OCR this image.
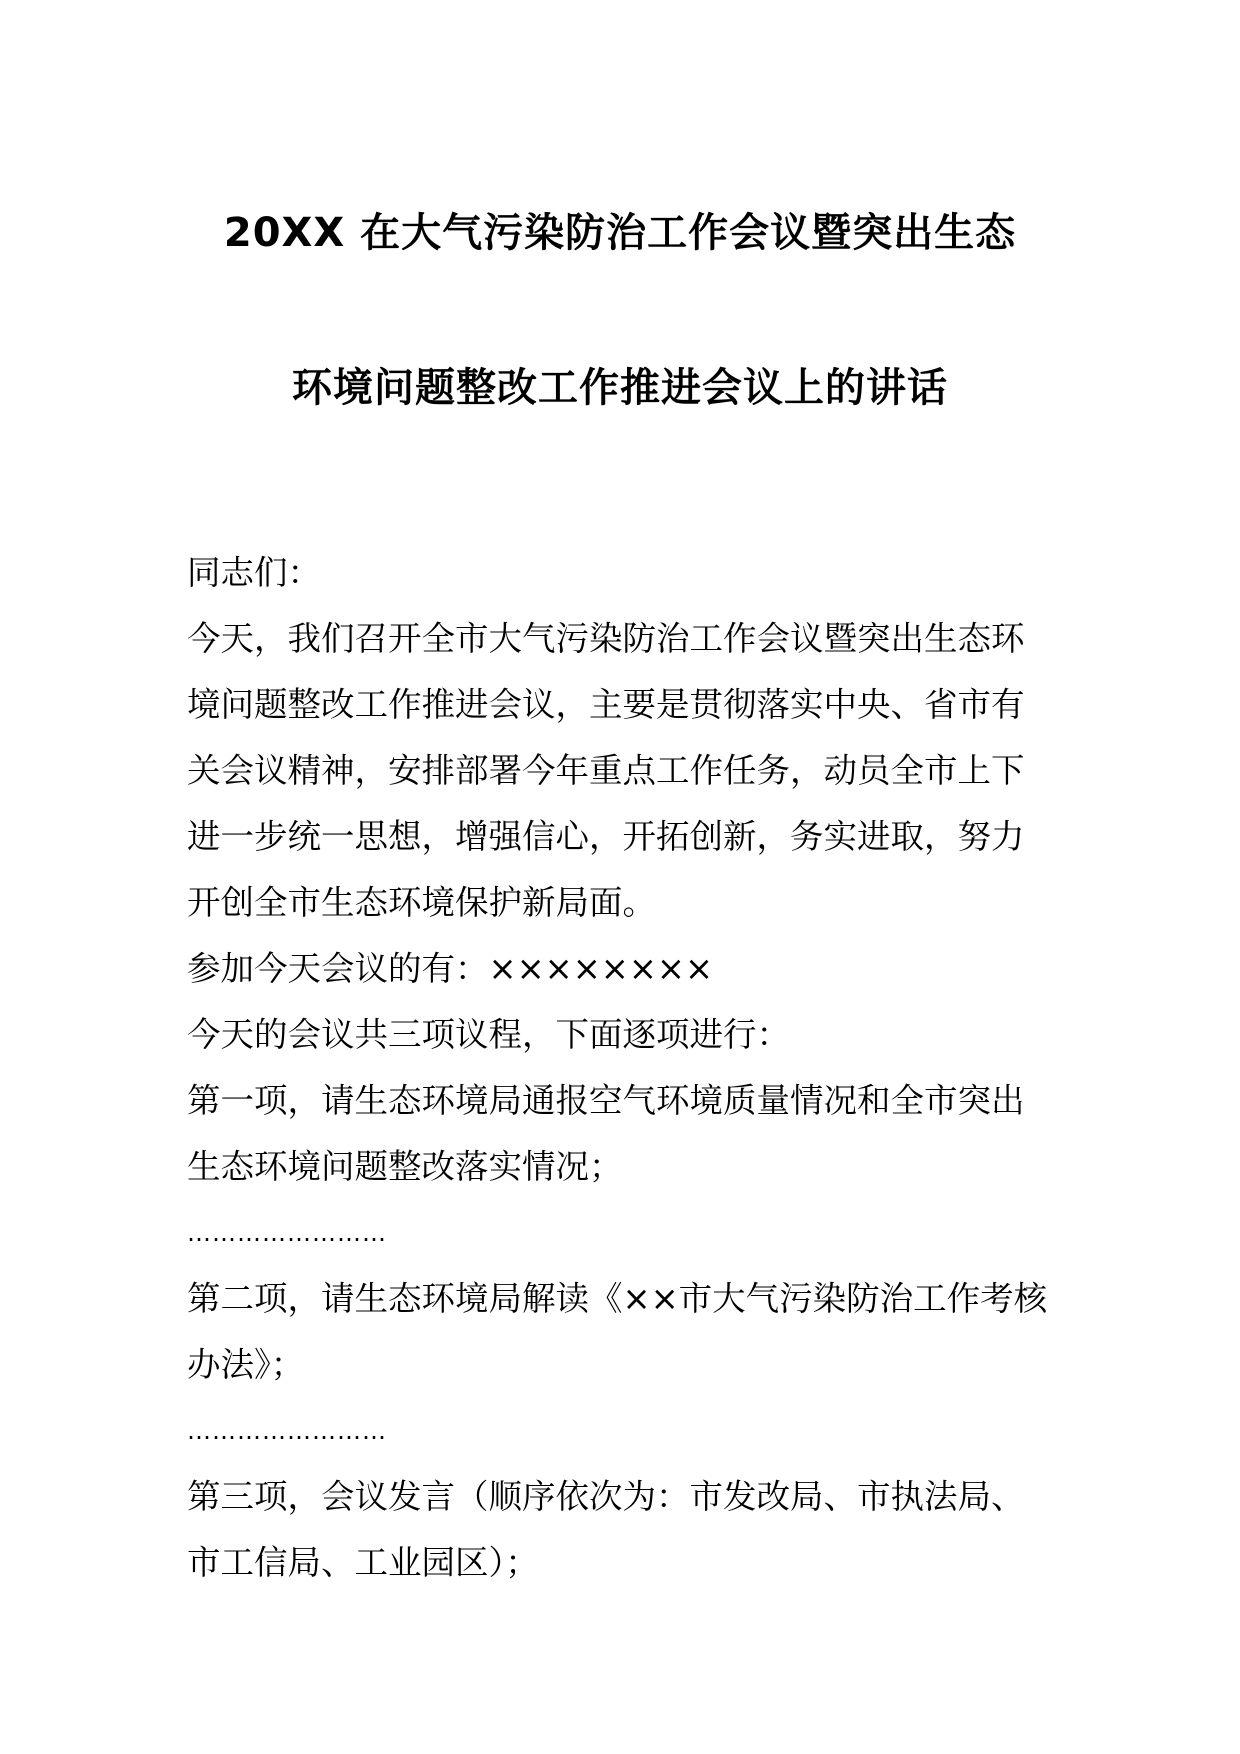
20XX 在大气污染防治工作会议暨突出生态
环境问题整改工作推进会议上的讲话
同志们：
今天，我们召开全市大气污染防治工作会议暨突出生态环
境问题整改工作推进会议，主要是贯彻落实中央、省市有
关会议精神，安排部署今年重点工作任务，动员全市上下
进一步统一思想，增强信心，开拓创新，务实进取，努力
开创全市生态环境保护新局面。
参加今天会议的有：××××××××
今天的会议共三项议程，下面逐项进行：
第一项，请生态环境局通报空气环境质量情况和全市突出
生态环境问题整改落实情况；
……………………
第二项，请生态环境局解读《××市大气污染防治工作考核
办法》；
……………………
第三项，会议发言（顺序依次为：市发改局、市执法局、
市工信局、工业园区）；
